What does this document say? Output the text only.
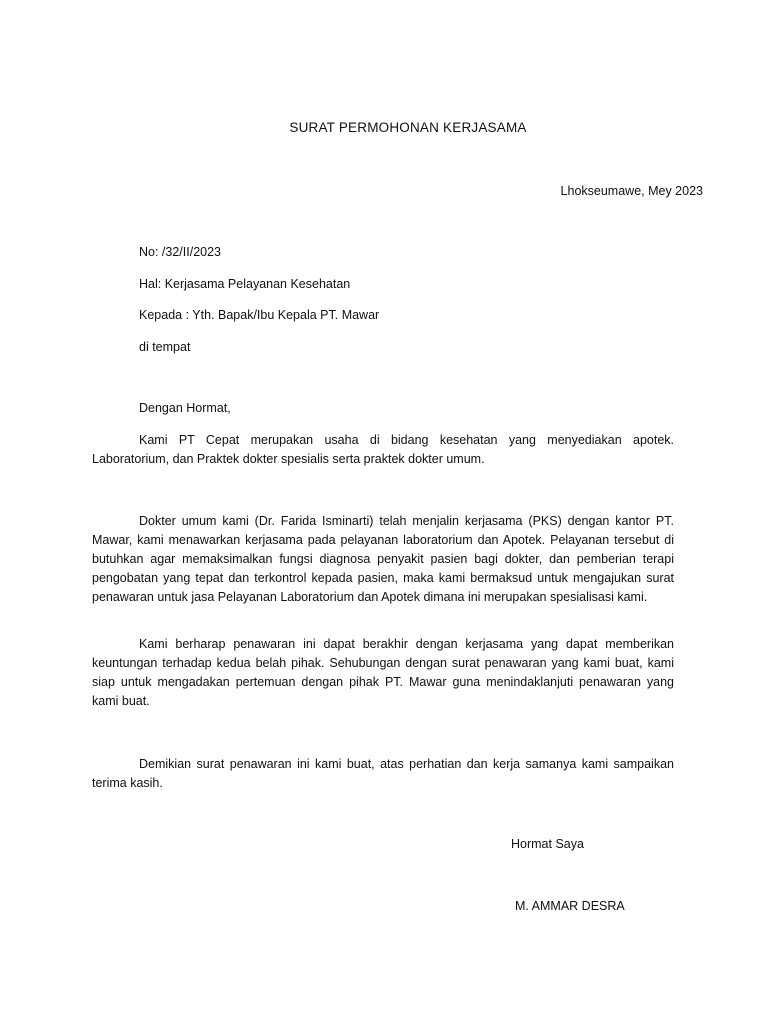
SURAT PERMOHONAN KERJASAMA
Lhokseumawe, Mey 2023
No: /32/II/2023
Hal: Kerjasama Pelayanan Kesehatan
Kepada : Yth. Bapak/Ibu Kepala PT. Mawar
di tempat
Dengan Hormat,

Kami PT Cepat merupakan usaha di bidang kesehatan yang menyediakan apotek. Laboratorium, dan Praktek dokter spesialis serta praktek dokter umum.

Dokter umum kami (Dr. Farida Isminarti) telah menjalin kerjasama (PKS) dengan kantor PT. Mawar, kami menawarkan kerjasama pada pelayanan laboratorium dan Apotek. Pelayanan tersebut di butuhkan agar memaksimalkan fungsi diagnosa penyakit pasien bagi dokter, dan pemberian terapi pengobatan yang tepat dan terkontrol kepada pasien, maka kami bermaksud untuk mengajukan surat penawaran untuk jasa Pelayanan Laboratorium dan Apotek dimana ini merupakan spesialisasi kami.

Kami berharap penawaran ini dapat berakhir dengan kerjasama yang dapat memberikan keuntungan terhadap kedua belah pihak. Sehubungan dengan surat penawaran yang kami buat, kami siap untuk mengadakan pertemuan dengan pihak PT. Mawar guna menindaklanjuti penawaran yang kami buat.

Demikian surat penawaran ini kami buat, atas perhatian dan kerja samanya kami sampaikan terima kasih.

Hormat Saya
M. AMMAR DESRA
